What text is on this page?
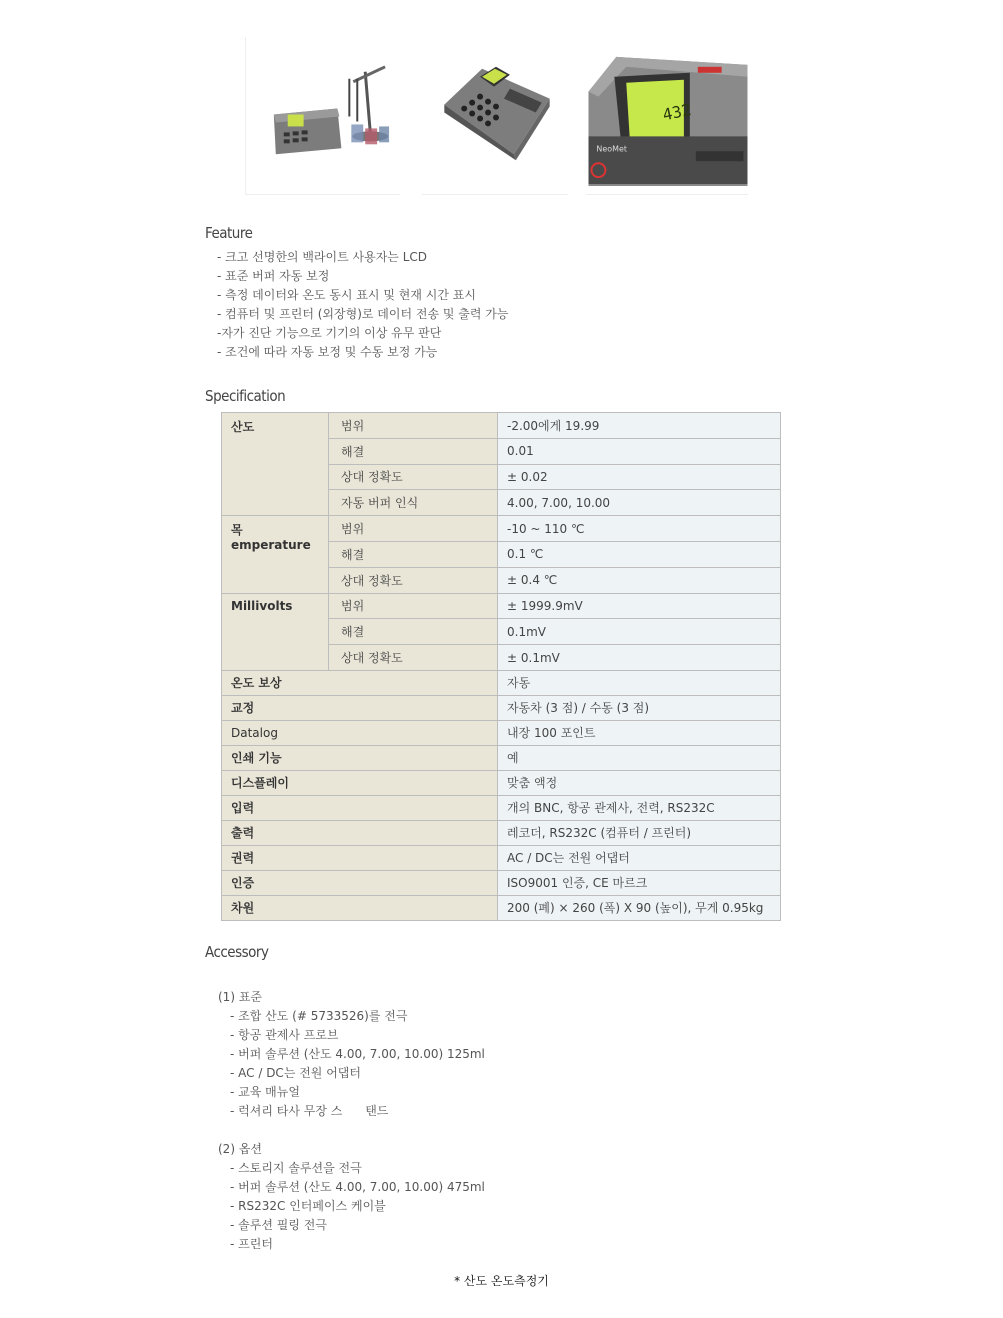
432
NeoMet
Feature
- 크고 선명한의 백라이트 사용자는 LCD
- 표준 버퍼 자동 보정
- 측정 데이터와 온도 동시 표시 및 현재 시간 표시
- 컴퓨터 및 프린터 (외장형)로 데이터 전송 및 출력 가능
-자가 진단 기능으로 기기의 이상 유무 판단
- 조건에 따라 자동 보정 및 수동 보정 가능
Specification
산도	범위	-2.00에게 19.99
	해결	0.01
	상대 정확도	± 0.02
	자동 버퍼 인식	4.00, 7.00, 10.00
목 emperature	범위	-10 ~ 110 ℃
	해결	0.1 ℃
	상대 정확도	± 0.4 ℃
Millivolts	범위	± 1999.9mV
	해결	0.1mV
	상대 정확도	± 0.1mV
온도 보상		자동
교정		자동차 (3 점) / 수동 (3 점)
Datalog		내장 100 포인트
인쇄 기능		예
디스플레이		맞춤 액정
입력		개의 BNC, 항공 관제사, 전력, RS232C
출력		레코더, RS232C (컴퓨터 / 프린터)
권력		AC / DC는 전원 어댑터
인증		ISO9001 인증, CE 마르크
차원		200 (폐) × 260 (폭) X 90 (높이), 무게 0.95kg
Accessory
(1) 표준
- 조합 산도 (# 5733526)를 전극
- 항공 관제사 프로브
- 버퍼 솔루션 (산도 4.00, 7.00, 10.00) 125ml
- AC / DC는 전원 어댑터
- 교육 매뉴얼
- 럭셔리 타사 무장 스      탠드
(2) 옵션
- 스토리지 솔루션을 전극
- 버퍼 솔루션 (산도 4.00, 7.00, 10.00) 475ml
- RS232C 인터페이스 케이블
- 솔루션 필링 전극
- 프린터
* 산도 온도측정기
